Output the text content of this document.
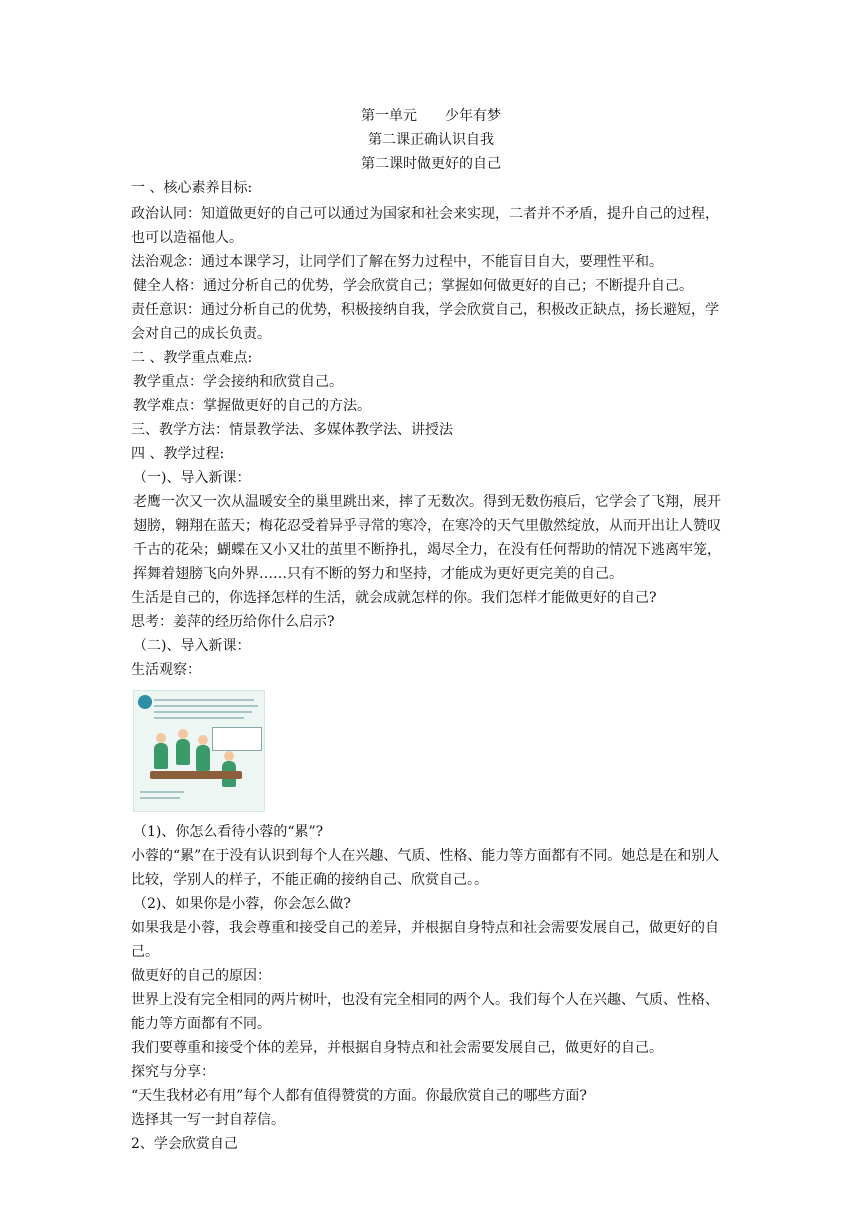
第一单元 少年有梦

第二课正确认识自我

第二课时做更好的自己

一 、核心素养目标:

政治认同：知道做更好的自己可以通过为国家和社会来实现，二者并不矛盾，提升自己的过程，也可以造福他人。

法治观念：通过本课学习，让同学们了解在努力过程中，不能盲目自大，要理性平和。

健全人格：通过分析自己的优势，学会欣赏自己；掌握如何做更好的自己；不断提升自己。

责任意识：通过分析自己的优势，积极接纳自我，学会欣赏自己，积极改正缺点，扬长避短，学会对自己的成长负责。

二 、教学重点难点:

教学重点：学会接纳和欣赏自己。

教学难点：掌握做更好的自己的方法。

三、教学方法：情景教学法、多媒体教学法、讲授法

四 、教学过程:

（一)、导入新课：

老鹰一次又一次从温暖安全的巢里跳出来，摔了无数次。得到无数伤痕后，它学会了飞翔，展开翅膀，翱翔在蓝天；梅花忍受着异乎寻常的寒冷，在寒冷的天气里傲然绽放，从而开出让人赞叹千古的花朵；蝴蝶在又小又壮的茧里不断挣扎，竭尽全力，在没有任何帮助的情况下逃离牢笼，挥舞着翅膀飞向外界……只有不断的努力和坚持，才能成为更好更完美的自己。

生活是自己的，你选择怎样的生活，就会成就怎样的你。我们怎样才能做更好的自己?

思考：姜萍的经历给你什么启示?

（二)、导入新课：

生活观察：

（1)、你怎么看待小蓉的“累”?

小蓉的“累”在于没有认识到每个人在兴趣、气质、性格、能力等方面都有不同。她总是在和别人比较，学别人的样子，不能正确的接纳自己、欣赏自己。。

（2)、如果你是小蓉，你会怎么做?

如果我是小蓉，我会尊重和接受自己的差异，并根据自身特点和社会需要发展自己，做更好的自己。

做更好的自己的原因：

世界上没有完全相同的两片树叶，也没有完全相同的两个人。我们每个人在兴趣、气质、性格、能力等方面都有不同。

我们要尊重和接受个体的差异，并根据自身特点和社会需要发展自己，做更好的自己。

探究与分享：

“天生我材必有用”每个人都有值得赞赏的方面。你最欣赏自己的哪些方面?

选择其一写一封自荐信。

2、学会欣赏自己
